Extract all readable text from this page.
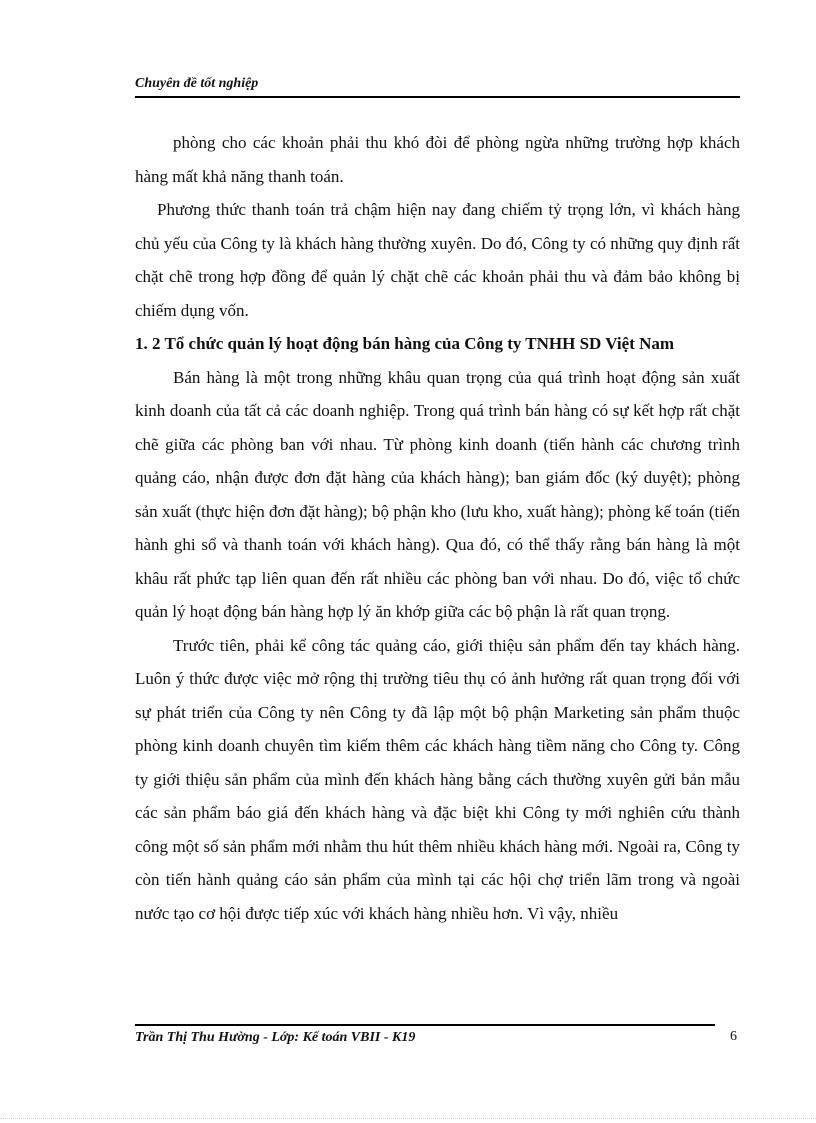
Chuyên đề tốt nghiệp

phòng cho các khoản phải thu khó đòi để phòng ngừa những trường hợp khách hàng mất khả năng thanh toán.

Phương thức thanh toán trả chậm hiện nay đang chiếm tỷ trọng lớn, vì khách hàng chủ yếu của Công ty là khách hàng thường xuyên. Do đó, Công ty có những quy định rất chặt chẽ trong hợp đồng để quản lý chặt chẽ các khoản phải thu và đảm bảo không bị chiếm dụng vốn.

1. 2 Tổ chức quản lý hoạt động bán hàng của Công ty TNHH SD Việt Nam

Bán hàng là một trong những khâu quan trọng của quá trình hoạt động sản xuất kinh doanh của tất cả các doanh nghiệp. Trong quá trình bán hàng có sự kết hợp rất chặt chẽ giữa các phòng ban với nhau. Từ phòng kinh doanh (tiến hành các chương trình quảng cáo, nhận được đơn đặt hàng của khách hàng); ban giám đốc (ký duyệt); phòng sản xuất (thực hiện đơn đặt hàng); bộ phận kho (lưu kho, xuất hàng); phòng kế toán (tiến hành ghi sổ và thanh toán với khách hàng). Qua đó, có thể thấy rằng bán hàng là một khâu rất phức tạp liên quan đến rất nhiều các phòng ban với nhau. Do đó, việc tổ chức quản lý hoạt động bán hàng hợp lý ăn khớp giữa các bộ phận là rất quan trọng.

Trước tiên, phải kể công tác quảng cáo, giới thiệu sản phẩm đến tay khách hàng. Luôn ý thức được việc mở rộng thị trường tiêu thụ có ảnh hưởng rất quan trọng đối với sự phát triển của Công ty nên Công ty đã lập một bộ phận Marketing sản phẩm thuộc phòng kinh doanh chuyên tìm kiếm thêm các khách hàng tiềm năng cho Công ty. Công ty giới thiệu sản phẩm của mình đến khách hàng bằng cách thường xuyên gửi bản mẫu các sản phẩm báo giá đến khách hàng và đặc biệt khi Công ty mới nghiên cứu thành công một số sản phẩm mới nhằm thu hút thêm nhiều khách hàng mới. Ngoài ra, Công ty còn tiến hành quảng cáo sản phẩm của mình tại các hội chợ triển lãm trong và ngoài nước tạo cơ hội được tiếp xúc với khách hàng nhiều hơn. Vì vậy, nhiều

Trần Thị Thu Hường - Lớp: Kế toán VBII - K19	6
